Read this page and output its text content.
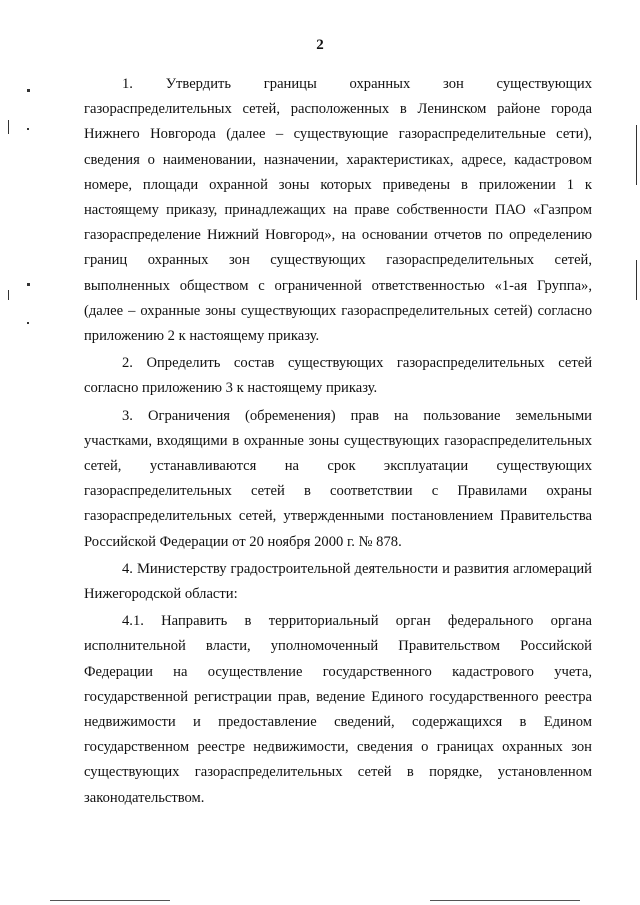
2

1. Утвердить границы охранных зон существующих газораспределительных сетей, расположенных в Ленинском районе города Нижнего Новгорода (далее – существующие газораспределительные сети), сведения о наименовании, назначении, характеристиках, адресе, кадастровом номере, площади охранной зоны которых приведены в приложении 1 к настоящему приказу, принадлежащих на праве собственности ПАО «Газпром газораспределение Нижний Новгород», на основании отчетов по определению границ охранных зон существующих газораспределительных сетей, выполненных обществом с ограниченной ответственностью «1-ая Группа», (далее – охранные зоны существующих газораспределительных сетей) согласно приложению 2 к настоящему приказу.

2. Определить состав существующих газораспределительных сетей согласно приложению 3 к настоящему приказу.

3. Ограничения (обременения) прав на пользование земельными участками, входящими в охранные зоны существующих газораспределительных сетей, устанавливаются на срок эксплуатации существующих газораспределительных сетей в соответствии с Правилами охраны газораспределительных сетей, утвержденными постановлением Правительства Российской Федерации от 20 ноября 2000 г. № 878.

4. Министерству градостроительной деятельности и развития агломераций Нижегородской области:

4.1. Направить в территориальный орган федерального органа исполнительной власти, уполномоченный Правительством Российской Федерации на осуществление государственного кадастрового учета, государственной регистрации прав, ведение Единого государственного реестра недвижимости и предоставление сведений, содержащихся в Едином государственном реестре недвижимости, сведения о границах охранных зон существующих газораспределительных сетей в порядке, установленном законодательством.
